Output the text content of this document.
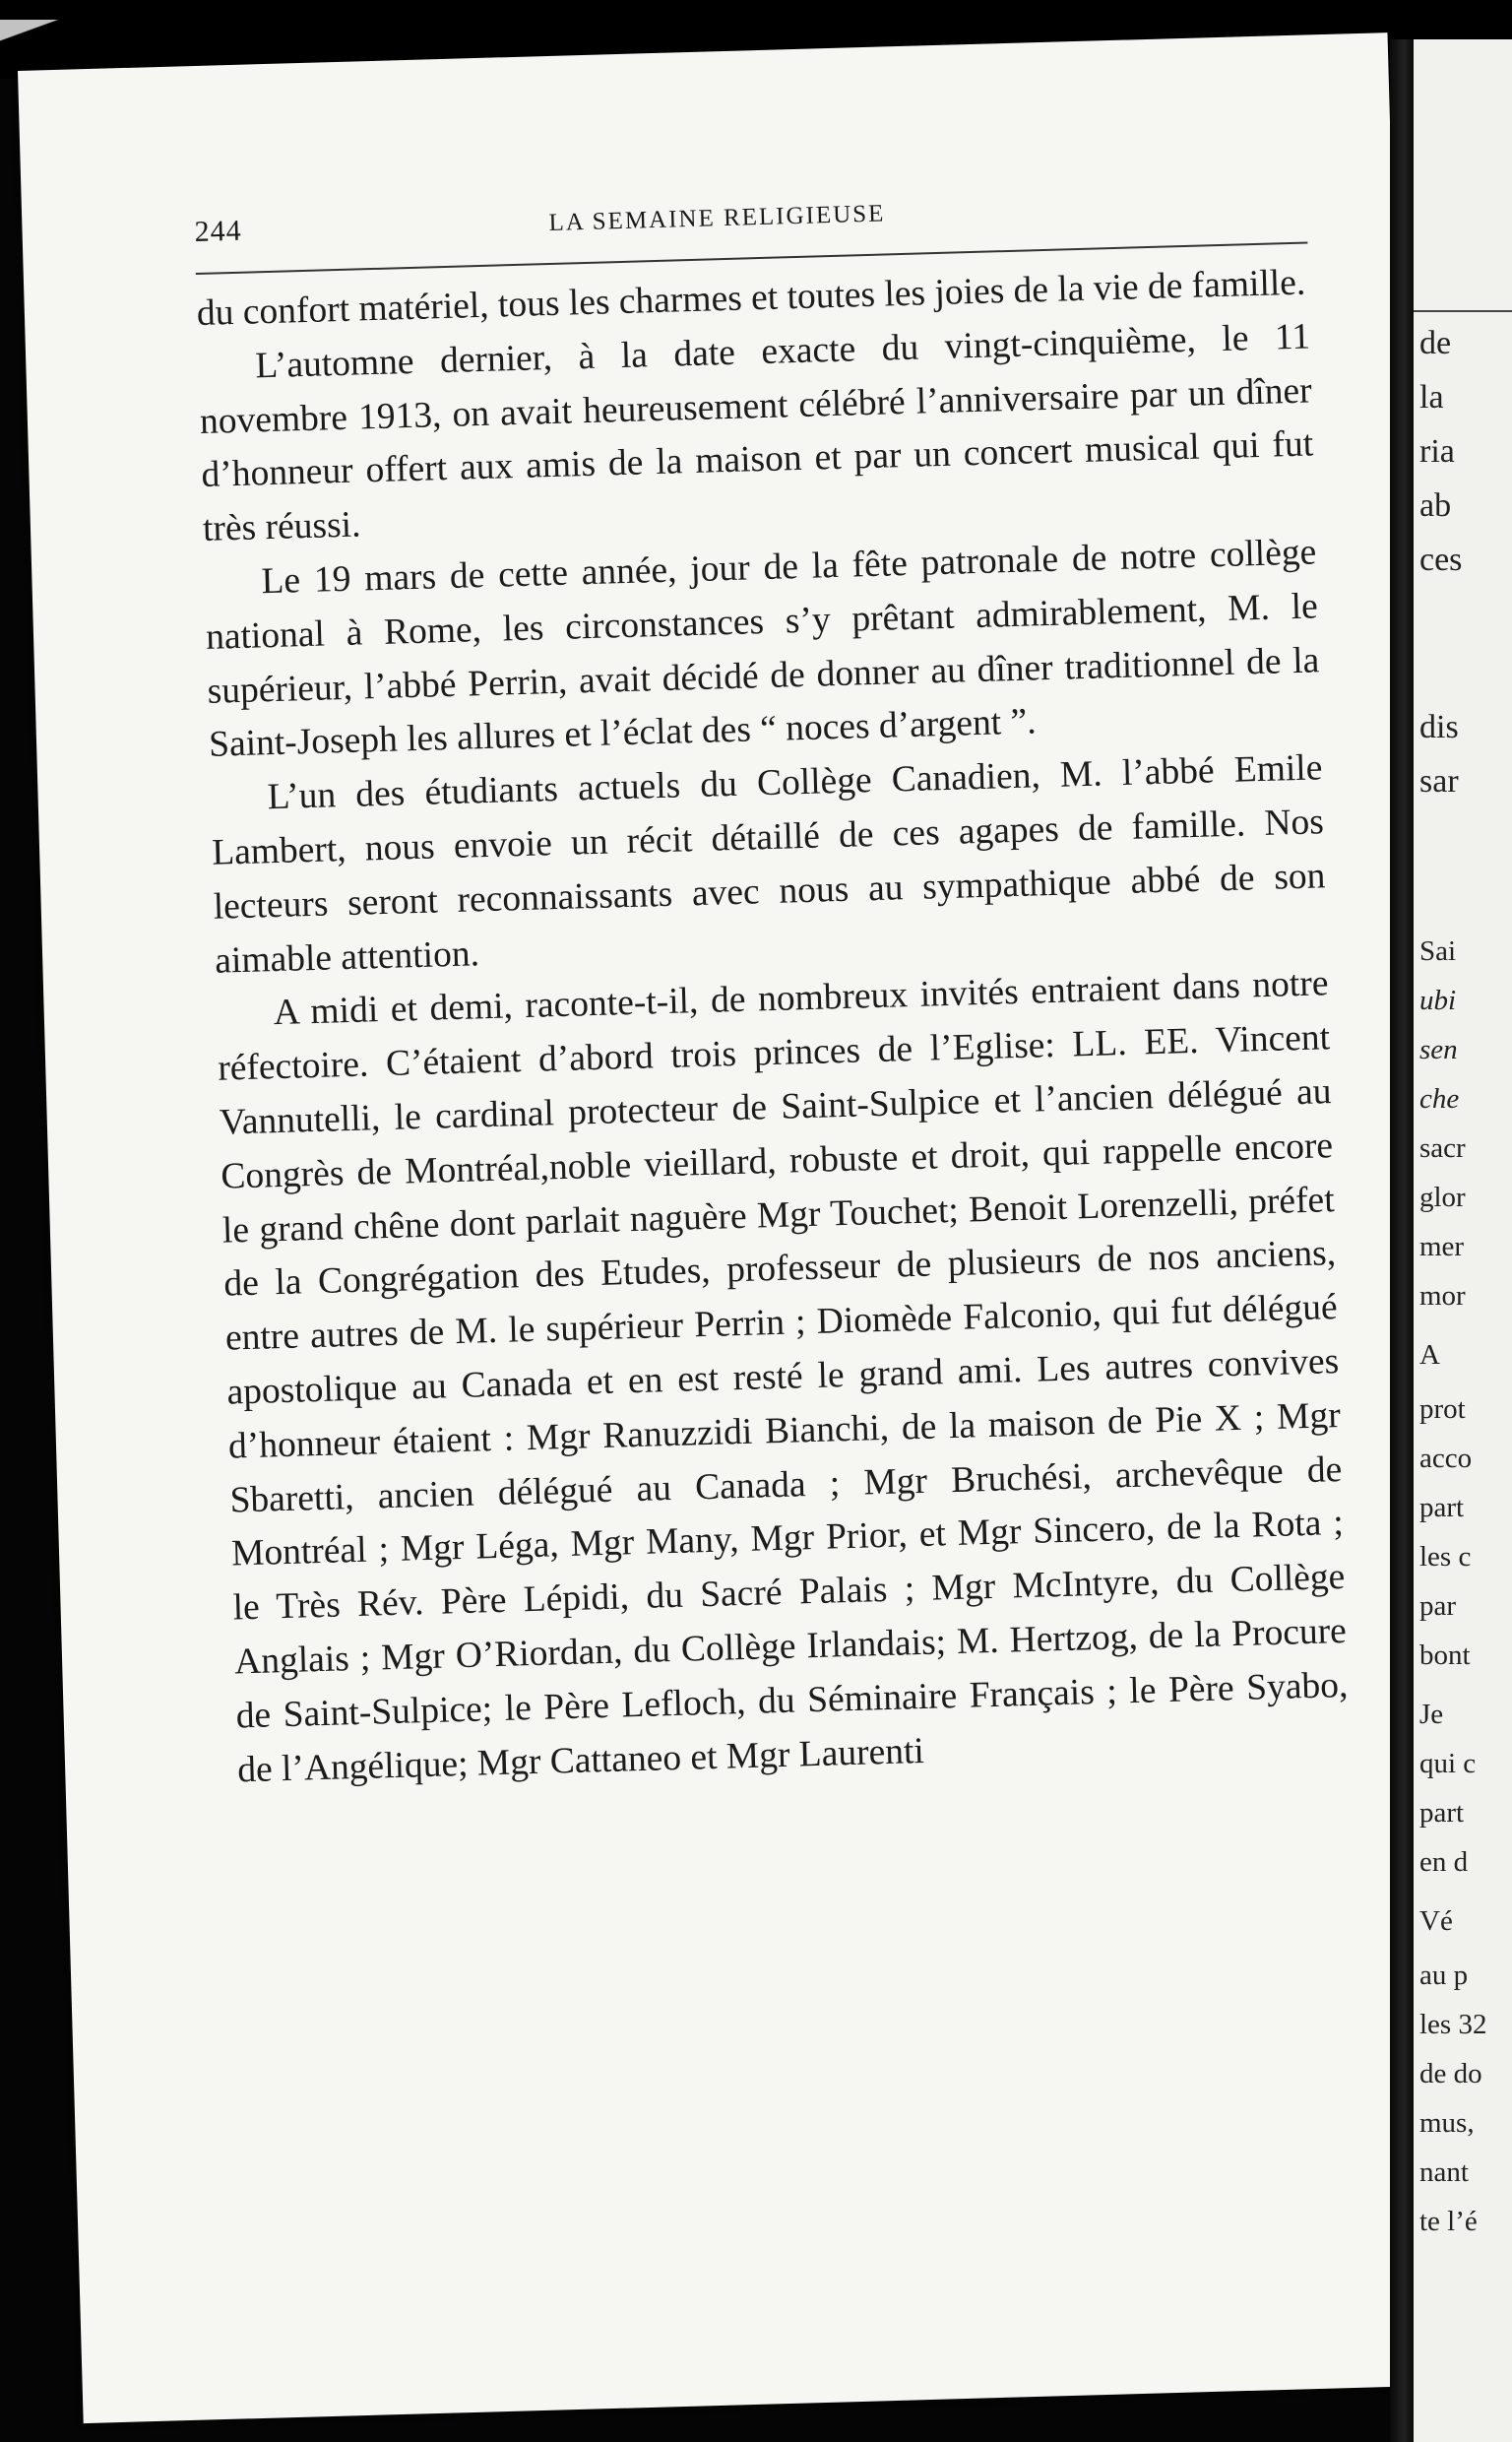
244	LA SEMAINE RELIGIEUSE

du confort matériel, tous les charmes et toutes les joies de la vie de famille.

L’automne dernier, à la date exacte du vingt-cinquième, le 11 novembre 1913, on avait heureusement célébré l’anniversaire par un dîner d’honneur offert aux amis de la maison et par un concert musical qui fut très réussi.

Le 19 mars de cette année, jour de la fête patronale de notre collège national à Rome, les circonstances s’y prêtant admirablement, M. le supérieur, l’abbé Perrin, avait décidé de donner au dîner traditionnel de la Saint-Joseph les allures et l’éclat des “ noces d’argent ”.

L’un des étudiants actuels du Collège Canadien, M. l’abbé Emile Lambert, nous envoie un récit détaillé de ces agapes de famille. Nos lecteurs seront reconnaissants avec nous au sympathique abbé de son aimable attention.

A midi et demi, raconte-t-il, de nombreux invités entraient dans notre réfectoire. C’étaient d’abord trois princes de l’Eglise: LL. EE. Vincent Vannutelli, le cardinal protecteur de Saint-Sulpice et l’ancien délégué au Congrès de Montréal,noble vieillard, robuste et droit, qui rappelle encore le grand chêne dont parlait naguère Mgr Touchet; Benoit Lorenzelli, préfet de la Congrégation des Etudes, professeur de plusieurs de nos anciens, entre autres de M. le supérieur Perrin ; Diomède Falconio, qui fut délégué apostolique au Canada et en est resté le grand ami. Les autres convives d’honneur étaient : Mgr Ranuzzidi Bianchi, de la maison de Pie X ; Mgr Sbaretti, ancien délégué au Canada ; Mgr Bruchési, archevêque de Montréal ; Mgr Léga, Mgr Many, Mgr Prior, et Mgr Sincero, de la Rota ; le Très Rév. Père Lépidi, du Sacré Palais ; Mgr McIntyre, du Collège Anglais ; Mgr O’Riordan, du Collège Irlandais; M. Hertzog, de la Procure de Saint-Sulpice; le Père Lefloch, du Séminaire Français ; le Père Syabo, de l’Angélique; Mgr Cattaneo et Mgr Laurenti

de
la
ria
ab
ces
dis
sar
Sai
ubi
sen
che
sacr
glor
mer
mor
A
prot
acco
part
les c
par
bont
Je
qui c
part
en d
Vé
au p
les 32
de do
mus,
nant
te l’é
